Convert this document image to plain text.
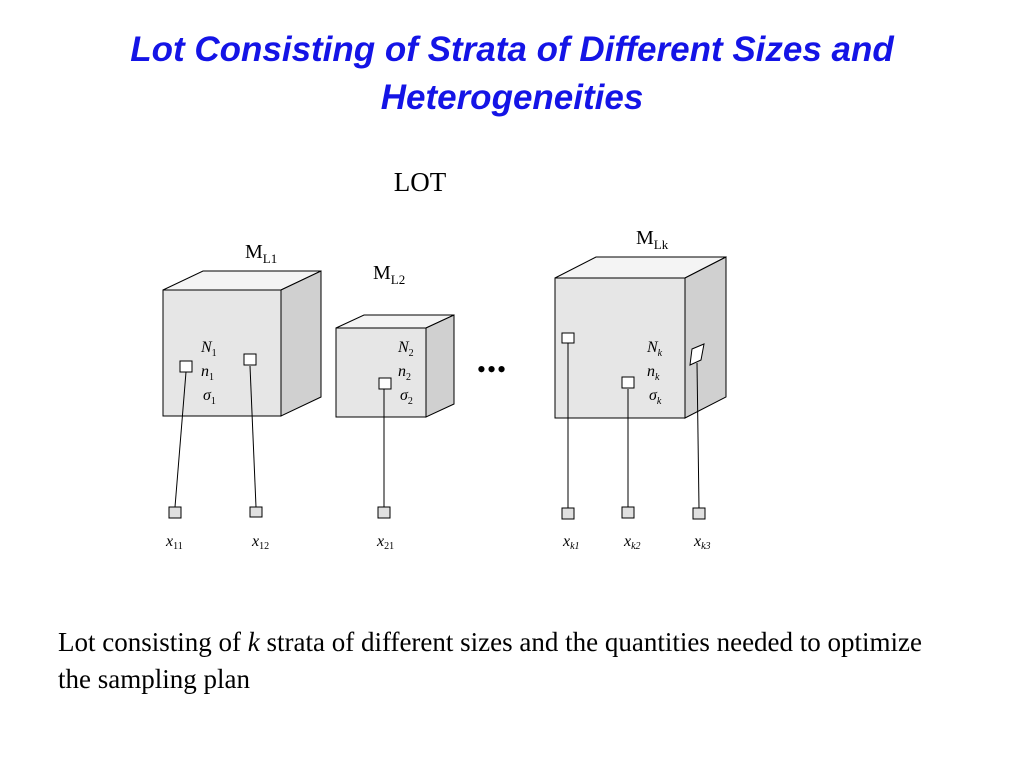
Lot Consisting of Strata of Different Sizes and
Heterogeneities
LOT
$M_{L1}$
$N_1$
$n_1$
$\sigma_1$
$M_{L2}$
$N_2$
$n_2$
$\sigma_2$
•••
$M_{Lk}$
$N_k$
$n_k$
$\sigma_k$
x11	x12	x21	xk1	xk2	xk3
Lot consisting of k strata of different sizes and the quantities needed to optimize the sampling plan
